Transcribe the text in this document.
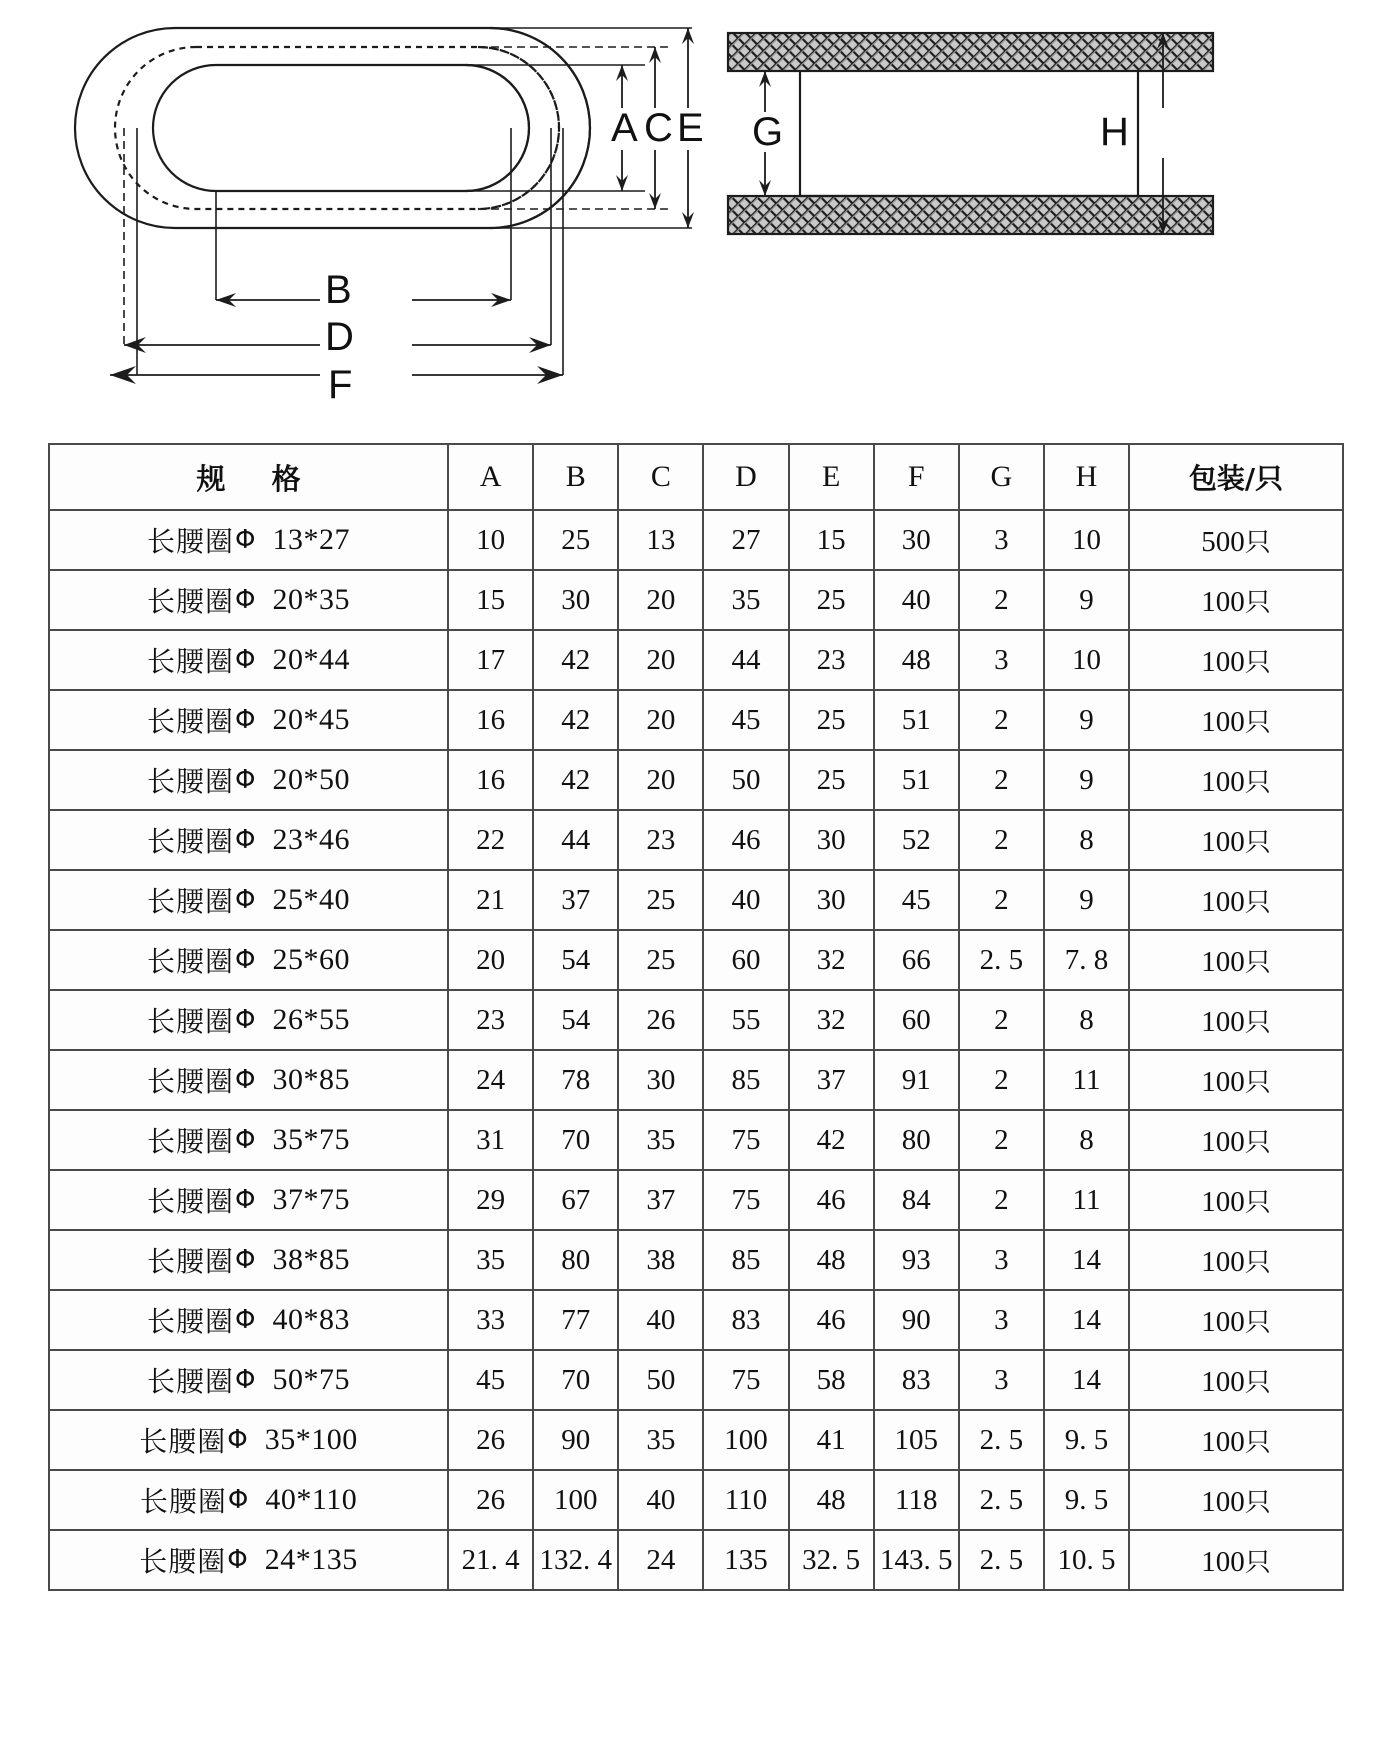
A C E
B
D
F
G	H
规 格	A	B	C	D	E	F	G	H	包装/只

长腰圈 Φ 13*27	10	25	13	27	15	30	3	10	500只

长腰圈 Φ 20*35	15	30	20	35	25	40	2	9	100只

长腰圈 Φ 20*44	17	42	20	44	23	48	3	10	100只

长腰圈 Φ 20*45	16	42	20	45	25	51	2	9	100只

长腰圈 Φ 20*50	16	42	20	50	25	51	2	9	100只

长腰圈 Φ 23*46	22	44	23	46	30	52	2	8	100只

长腰圈 Φ 25*40	21	37	25	40	30	45	2	9	100只

长腰圈 Φ 25*60	20	54	25	60	32	66	2. 5	7. 8	100只

长腰圈 Φ 26*55	23	54	26	55	32	60	2	8	100只

长腰圈 Φ 30*85	24	78	30	85	37	91	2	11	100只

长腰圈 Φ 35*75	31	70	35	75	42	80	2	8	100只

长腰圈 Φ 37*75	29	67	37	75	46	84	2	11	100只

长腰圈 Φ 38*85	35	80	38	85	48	93	3	14	100只

长腰圈 Φ 40*83	33	77	40	83	46	90	3	14	100只

长腰圈 Φ 50*75	45	70	50	75	58	83	3	14	100只

长腰圈 Φ 35*100	26	90	35	100	41	105	2. 5	9. 5	100只

长腰圈 Φ 40*110	26	100	40	110	48	118	2. 5	9. 5	100只

长腰圈 Φ 24*135	21. 4	132. 4	24	135	32. 5	143. 5	2. 5	10. 5	100只
